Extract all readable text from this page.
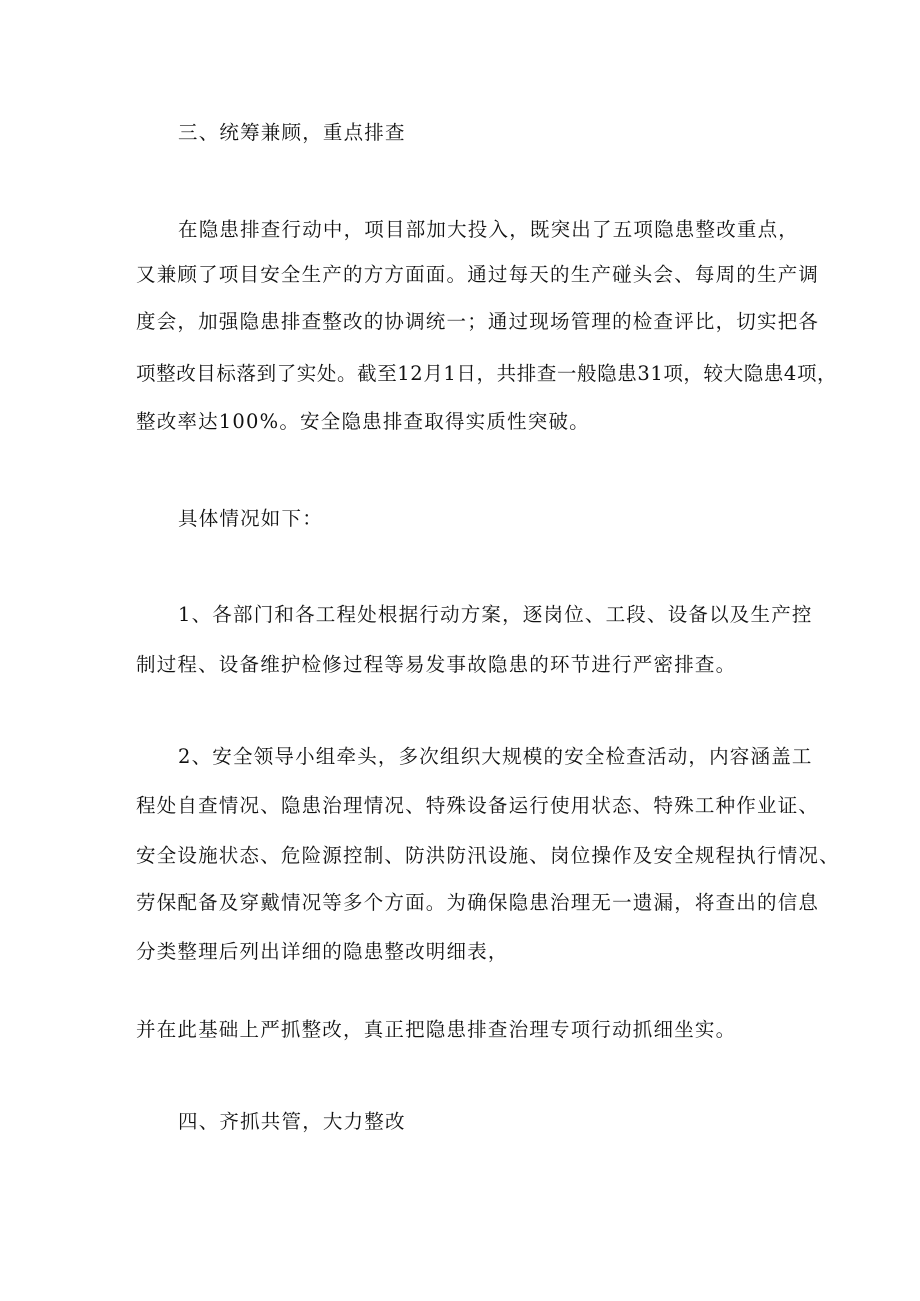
三、统筹兼顾，重点排查

在隐患排查行动中，项目部加大投入，既突出了五项隐患整改重点，

又兼顾了项目安全生产的方方面面。通过每天的生产碰头会、每周的生产调

度会，加强隐患排查整改的协调统一；通过现场管理的检查评比，切实把各

项整改目标落到了实处。截至12月1日，共排查一般隐患31项，较大隐患4项，

整改率达100%。安全隐患排查取得实质性突破。

具体情况如下：

1、各部门和各工程处根据行动方案，逐岗位、工段、设备以及生产控

制过程、设备维护检修过程等易发事故隐患的环节进行严密排查。

2、安全领导小组牵头，多次组织大规模的安全检查活动，内容涵盖工

程处自查情况、隐患治理情况、特殊设备运行使用状态、特殊工种作业证、

安全设施状态、危险源控制、防洪防汛设施、岗位操作及安全规程执行情况、

劳保配备及穿戴情况等多个方面。为确保隐患治理无一遗漏，将查出的信息

分类整理后列出详细的隐患整改明细表，

并在此基础上严抓整改，真正把隐患排查治理专项行动抓细坐实。

四、齐抓共管，大力整改
